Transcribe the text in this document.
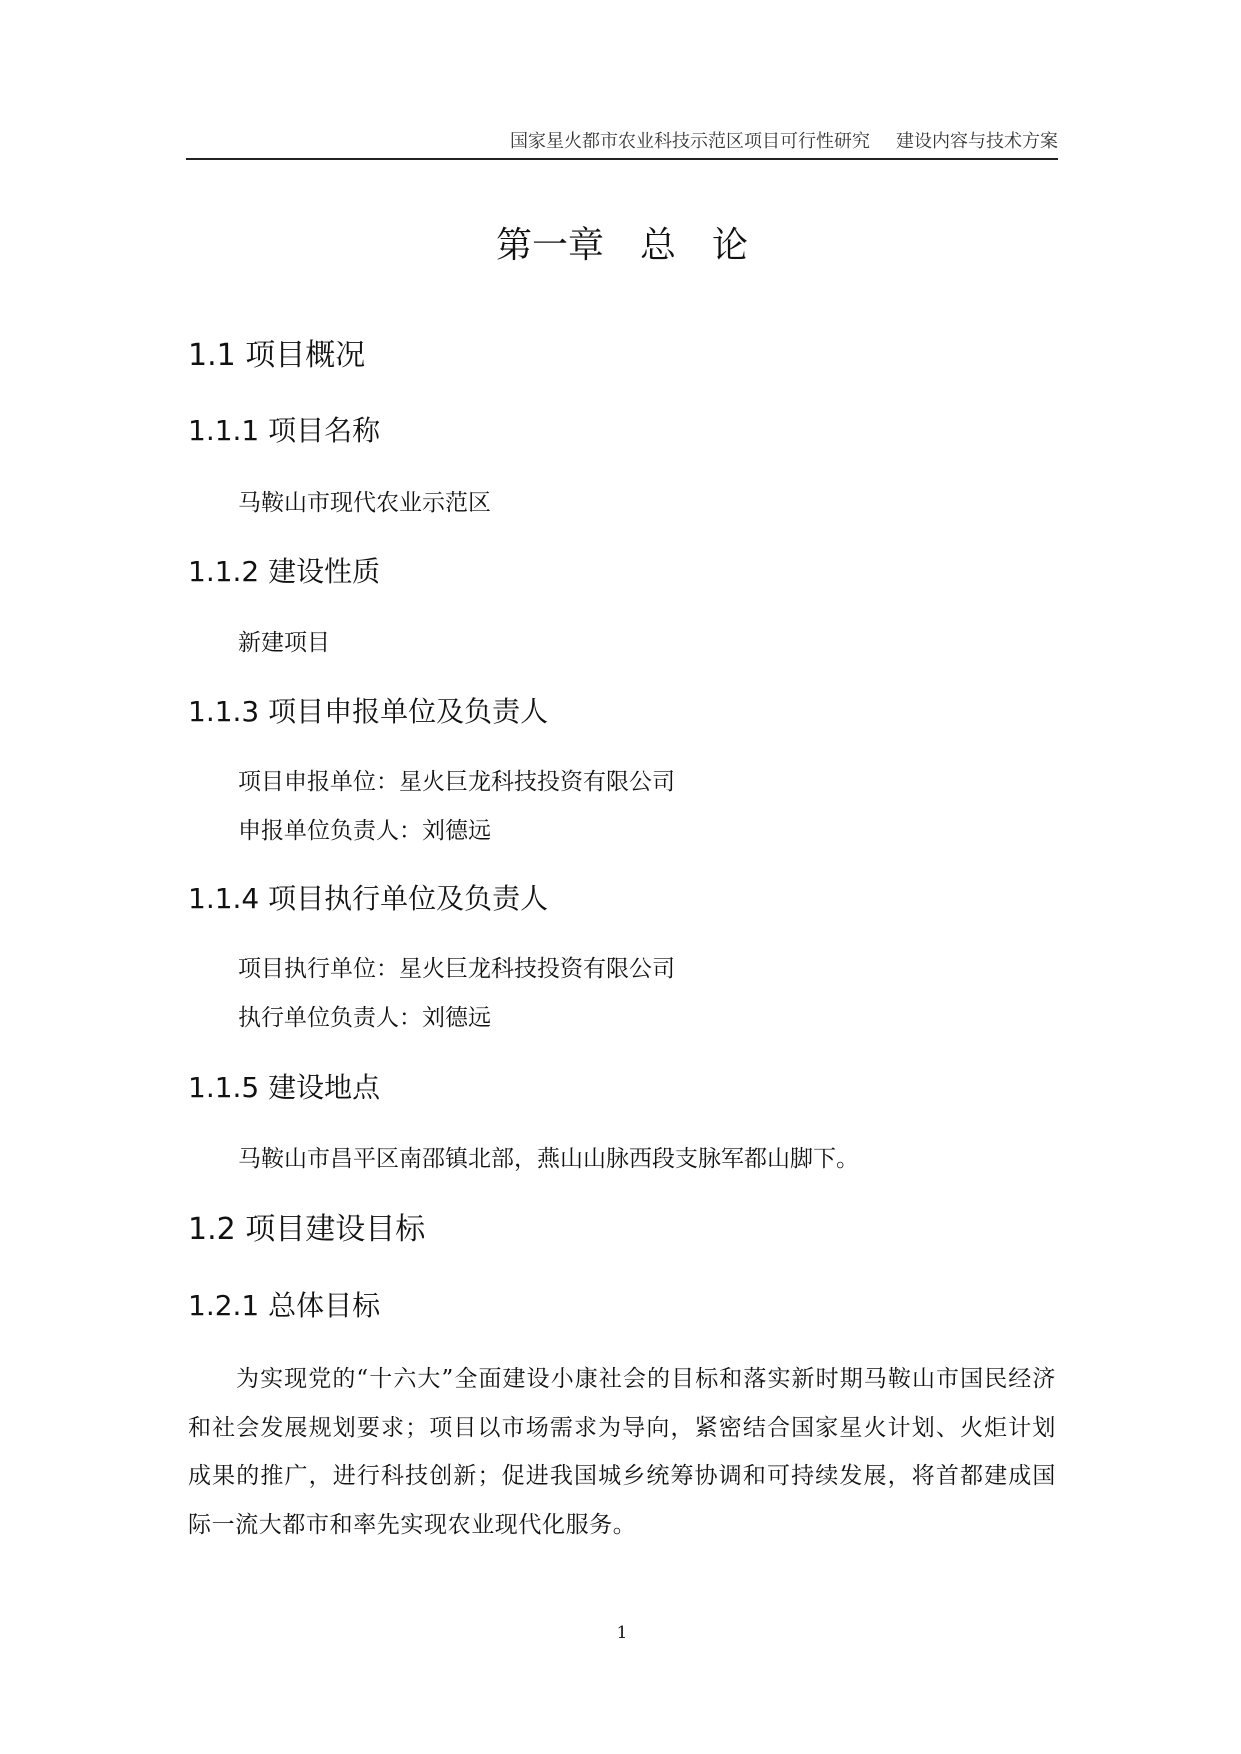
国家星火都市农业科技示范区项目可行性研究 建设内容与技术方案
第一章　总　论
1.1 项目概况
1.1.1 项目名称
马鞍山市现代农业示范区
1.1.2 建设性质
新建项目
1.1.3 项目申报单位及负责人
项目申报单位：星火巨龙科技投资有限公司
申报单位负责人：刘德远
1.1.4 项目执行单位及负责人
项目执行单位：星火巨龙科技投资有限公司
执行单位负责人：刘德远
1.1.5 建设地点
马鞍山市昌平区南邵镇北部，燕山山脉西段支脉军都山脚下。
1.2 项目建设目标
1.2.1 总体目标
为实现党的“十六大”全面建设小康社会的目标和落实新时期马鞍山市国民经济和社会发展规划要求；项目以市场需求为导向，紧密结合国家星火计划、火炬计划成果的推广，进行科技创新；促进我国城乡统筹协调和可持续发展，将首都建成国际一流大都市和率先实现农业现代化服务。
1
